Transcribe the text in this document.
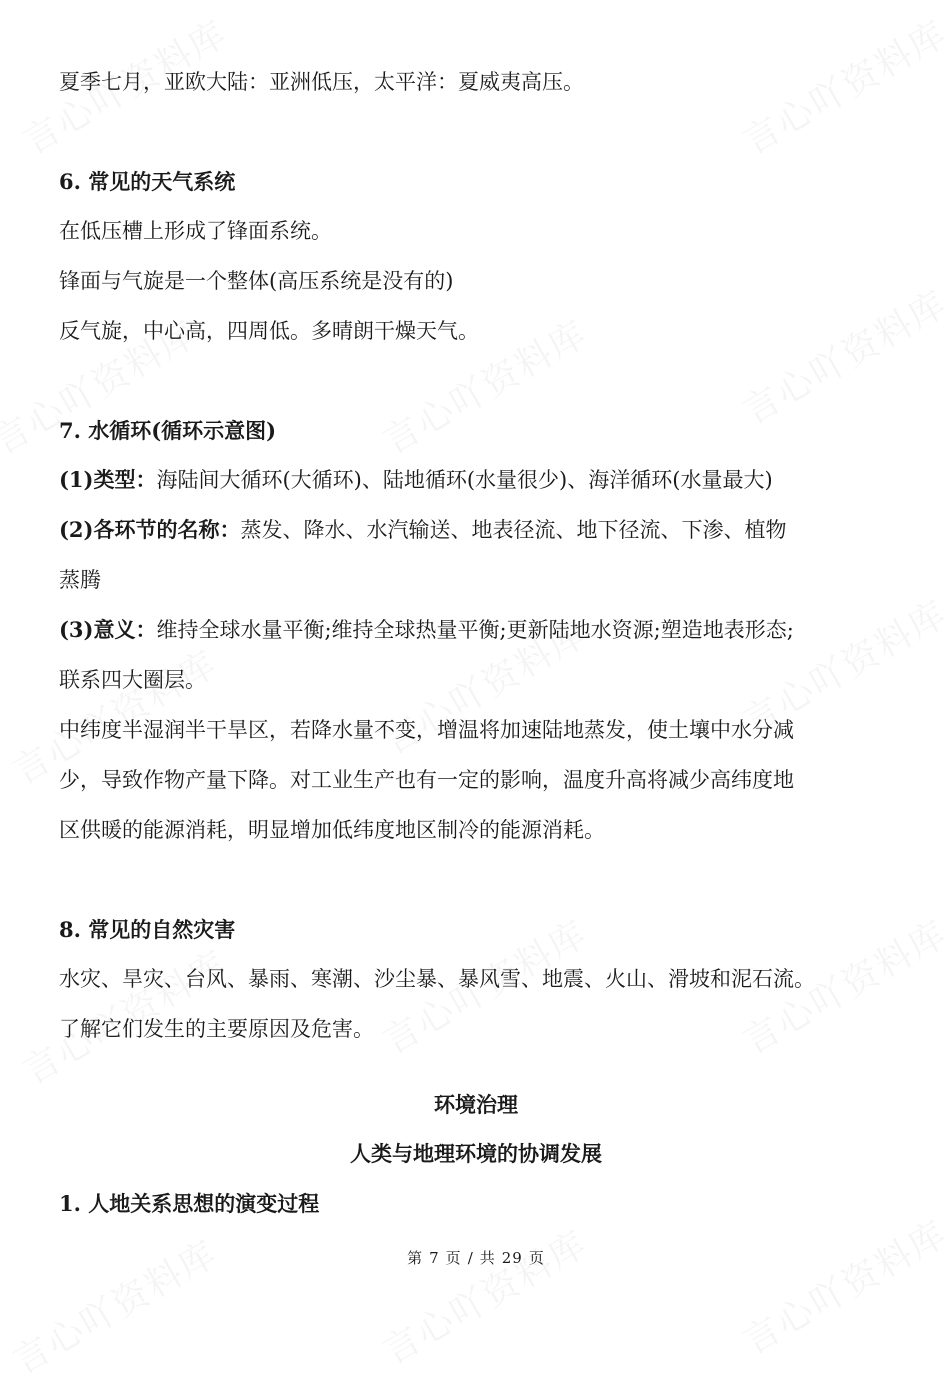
夏季七月，亚欧大陆：亚洲低压，太平洋：夏威夷高压。
6. 常见的天气系统
在低压槽上形成了锋面系统。
锋面与气旋是一个整体(高压系统是没有的)
反气旋，中心高，四周低。多晴朗干燥天气。
7. 水循环(循环示意图)
(1)类型：海陆间大循环(大循环)、陆地循环(水量很少)、海洋循环(水量最大)
(2)各环节的名称：蒸发、降水、水汽输送、地表径流、地下径流、下渗、植物
蒸腾
(3)意义：维持全球水量平衡;维持全球热量平衡;更新陆地水资源;塑造地表形态;
联系四大圈层。
中纬度半湿润半干旱区，若降水量不变，增温将加速陆地蒸发，使土壤中水分减
少，导致作物产量下降。对工业生产也有一定的影响，温度升高将减少高纬度地
区供暖的能源消耗，明显增加低纬度地区制冷的能源消耗。
8. 常见的自然灾害
水灾、旱灾、台风、暴雨、寒潮、沙尘暴、暴风雪、地震、火山、滑坡和泥石流。
了解它们发生的主要原因及危害。
环境治理
人类与地理环境的协调发展
1. 人地关系思想的演变过程
第 7 页 / 共 29 页
